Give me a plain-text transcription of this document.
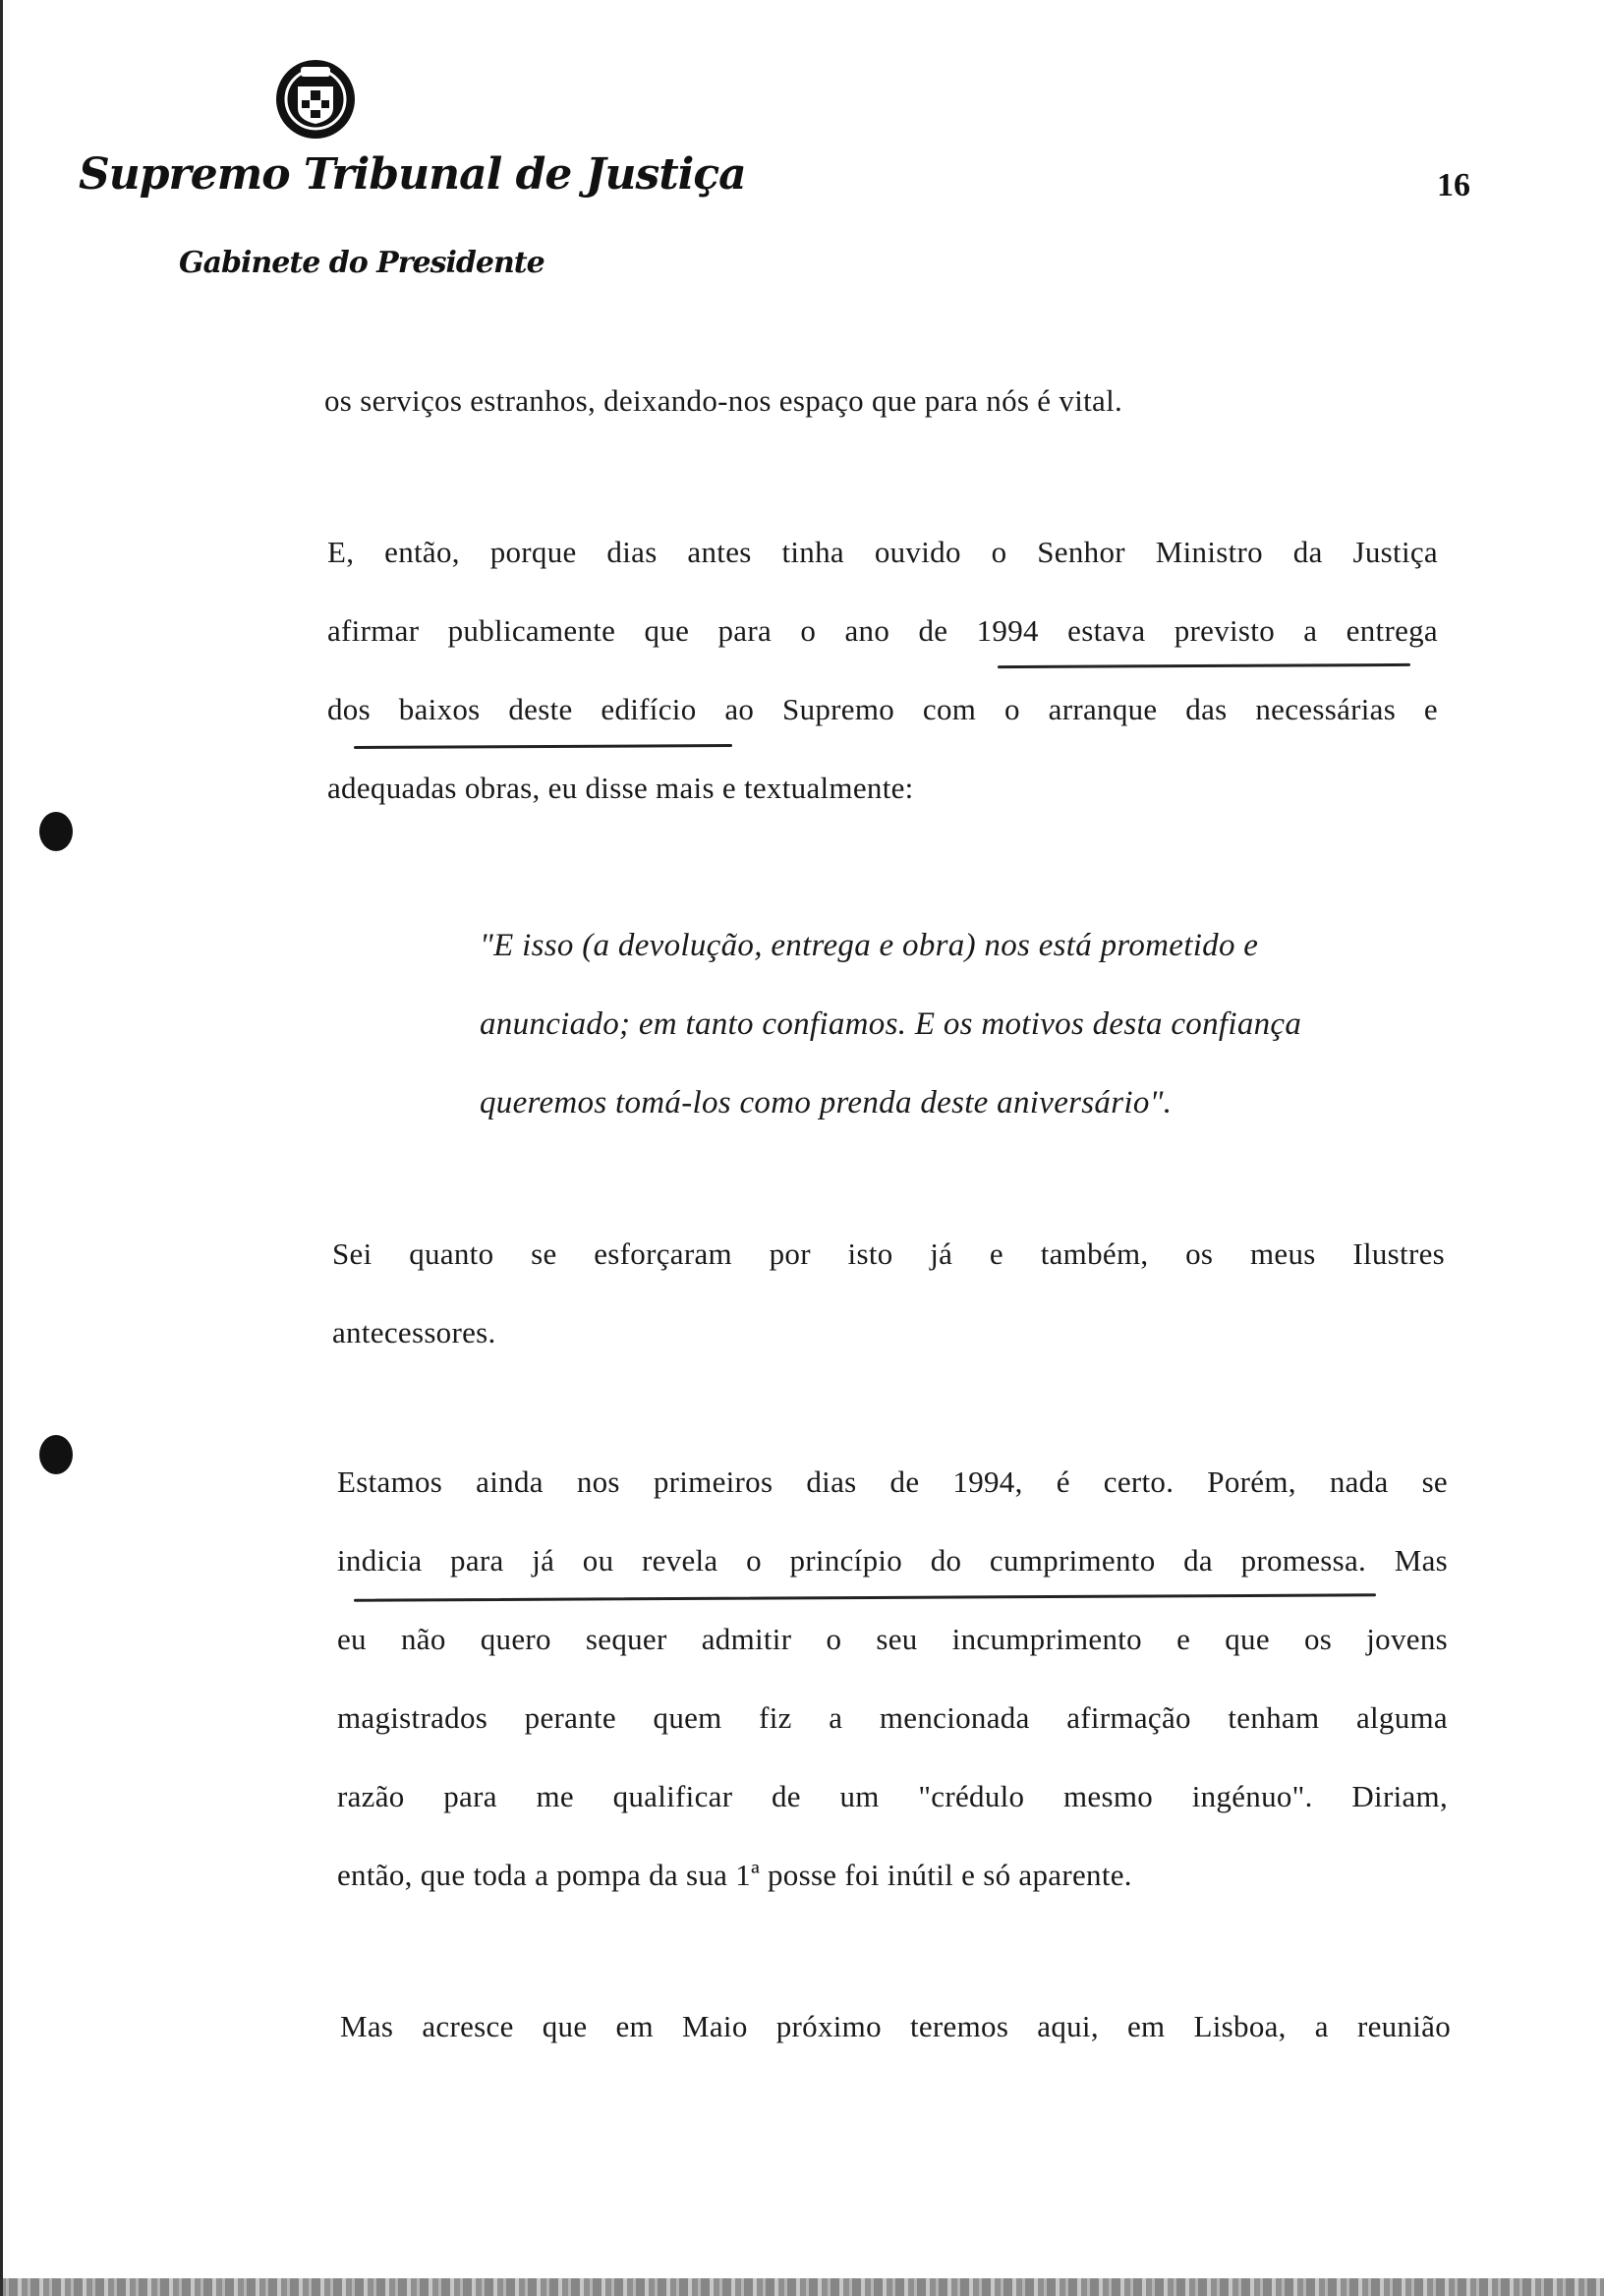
Supremo Tribunal de Justiça
Gabinete do Presidente
16
os serviços estranhos, deixando-nos espaço que para nós é vital.
E, então, porque dias antes tinha ouvido o Senhor Ministro da Justiça
afirmar publicamente que para o ano de 1994 estava previsto a entrega
dos baixos deste edifício ao Supremo com o arranque das necessárias e
adequadas obras, eu disse mais e textualmente:
"E isso (a devolução, entrega e obra) nos está prometido e
anunciado; em tanto confiamos. E os motivos desta confiança
queremos tomá-los como prenda deste aniversário".
Sei quanto se esforçaram por isto já e também, os meus Ilustres
antecessores.
Estamos ainda nos primeiros dias de 1994, é certo. Porém, nada se
indicia para já ou revela o princípio do cumprimento da promessa. Mas
eu não quero sequer admitir o seu incumprimento e que os jovens
magistrados perante quem fiz a mencionada afirmação tenham alguma
razão para me qualificar de um "crédulo mesmo ingénuo". Diriam,
então, que toda a pompa da sua 1ª posse foi inútil e só aparente.
Mas acresce que em Maio próximo teremos aqui, em Lisboa, a reunião
